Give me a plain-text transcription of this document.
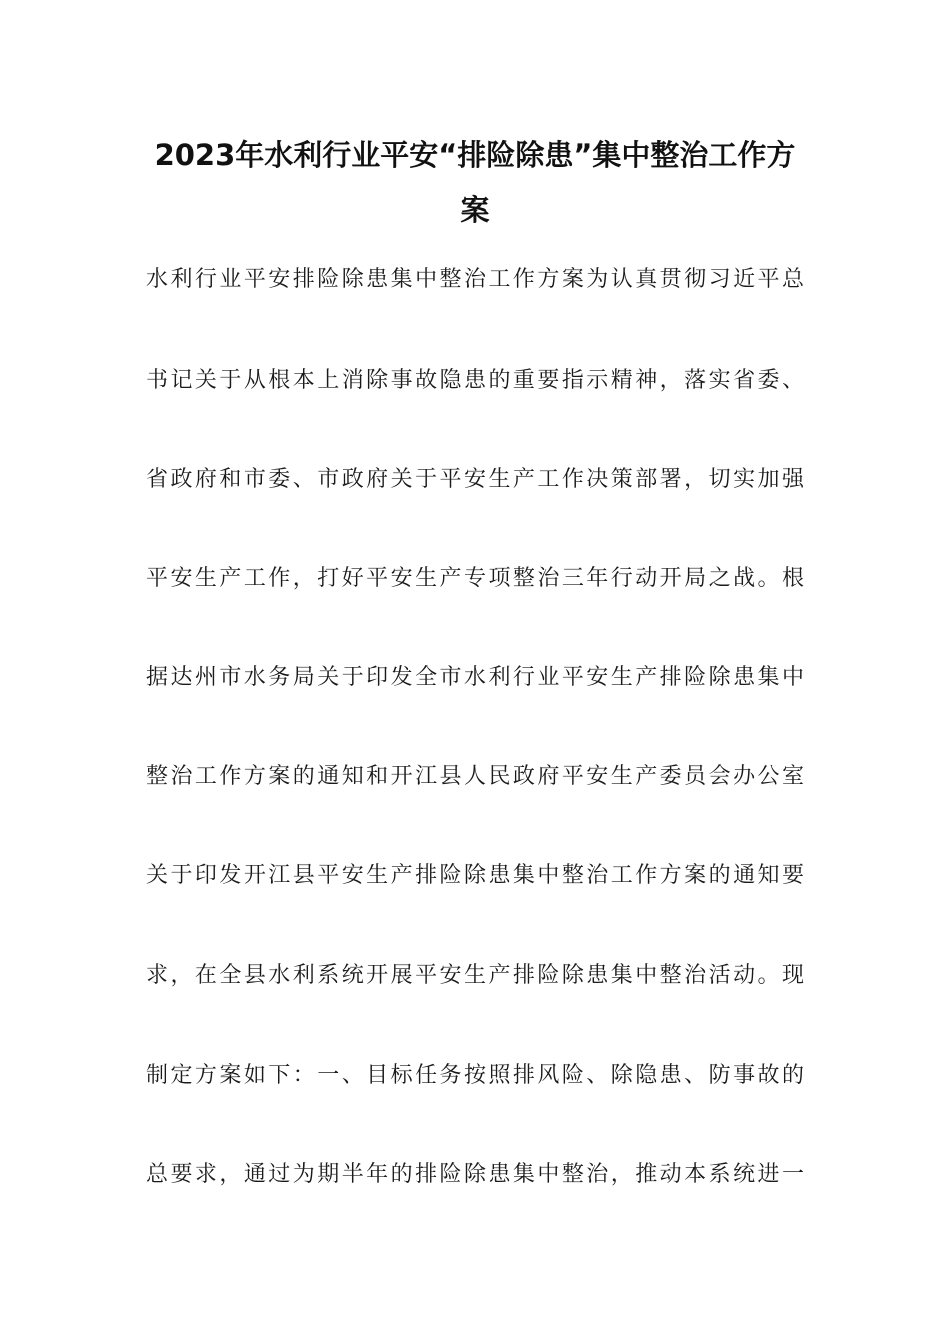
2023年水利行业平安“排险除患”集中整治工作方
案
水利行业平安排险除患集中整治工作方案为认真贯彻习近平总
书记关于从根本上消除事故隐患的重要指示精神，落实省委、
省政府和市委、市政府关于平安生产工作决策部署，切实加强
平安生产工作，打好平安生产专项整治三年行动开局之战。根
据达州市水务局关于印发全市水利行业平安生产排险除患集中
整治工作方案的通知和开江县人民政府平安生产委员会办公室
关于印发开江县平安生产排险除患集中整治工作方案的通知要
求，在全县水利系统开展平安生产排险除患集中整治活动。现
制定方案如下：一、目标任务按照排风险、除隐患、防事故的
总要求，通过为期半年的排险除患集中整治，推动本系统进一
